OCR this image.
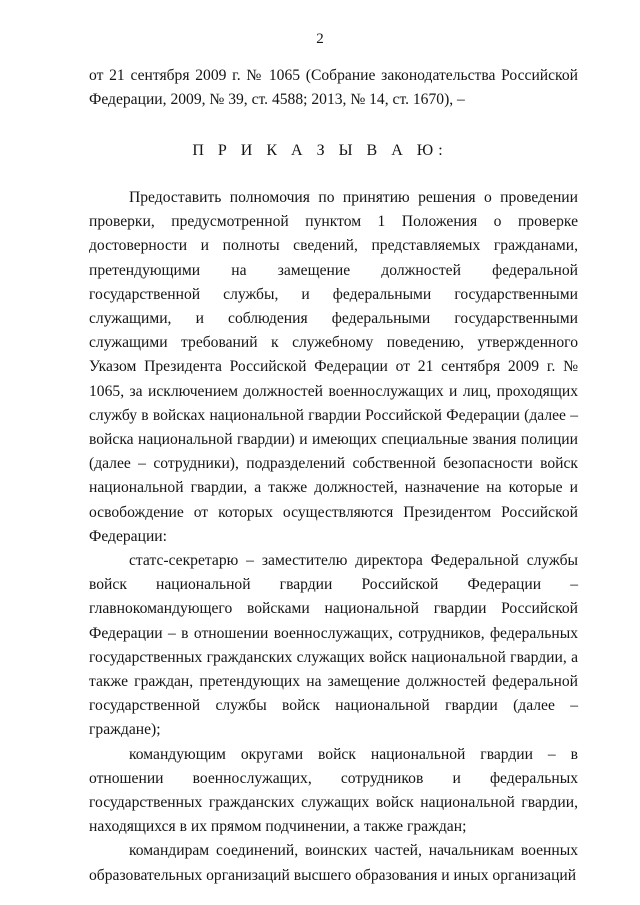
2

от 21 сентября 2009 г. № 1065 (Собрание законодательства Российской Федерации, 2009, № 39, ст. 4588; 2013, № 14, ст. 1670), –

П Р И К А З Ы В А Ю:

Предоставить полномочия по принятию решения о проведении проверки, предусмотренной пунктом 1 Положения о проверке достоверности и полноты сведений, представляемых гражданами, претендующими на замещение должностей федеральной государственной службы, и федеральными государственными служащими, и соблюдения федеральными государственными служащими требований к служебному поведению, утвержденного Указом Президента Российской Федерации от 21 сентября 2009 г. № 1065, за исключением должностей военнослужащих и лиц, проходящих службу в войсках национальной гвардии Российской Федерации (далее – войска национальной гвардии) и имеющих специальные звания полиции (далее – сотрудники), подразделений собственной безопасности войск национальной гвардии, а также должностей, назначение на которые и освобождение от которых осуществляются Президентом Российской Федерации:

статс-секретарю – заместителю директора Федеральной службы войск национальной гвардии Российской Федерации – главнокомандующего войсками национальной гвардии Российской Федерации – в отношении военнослужащих, сотрудников, федеральных государственных гражданских служащих войск национальной гвардии, а также граждан, претендующих на замещение должностей федеральной государственной службы войск национальной гвардии (далее – граждане);

командующим округами войск национальной гвардии – в отношении военнослужащих, сотрудников и федеральных государственных гражданских служащих войск национальной гвардии, находящихся в их прямом подчинении, а также граждан;

командирам соединений, воинских частей, начальникам военных образовательных организаций высшего образования и иных организаций
